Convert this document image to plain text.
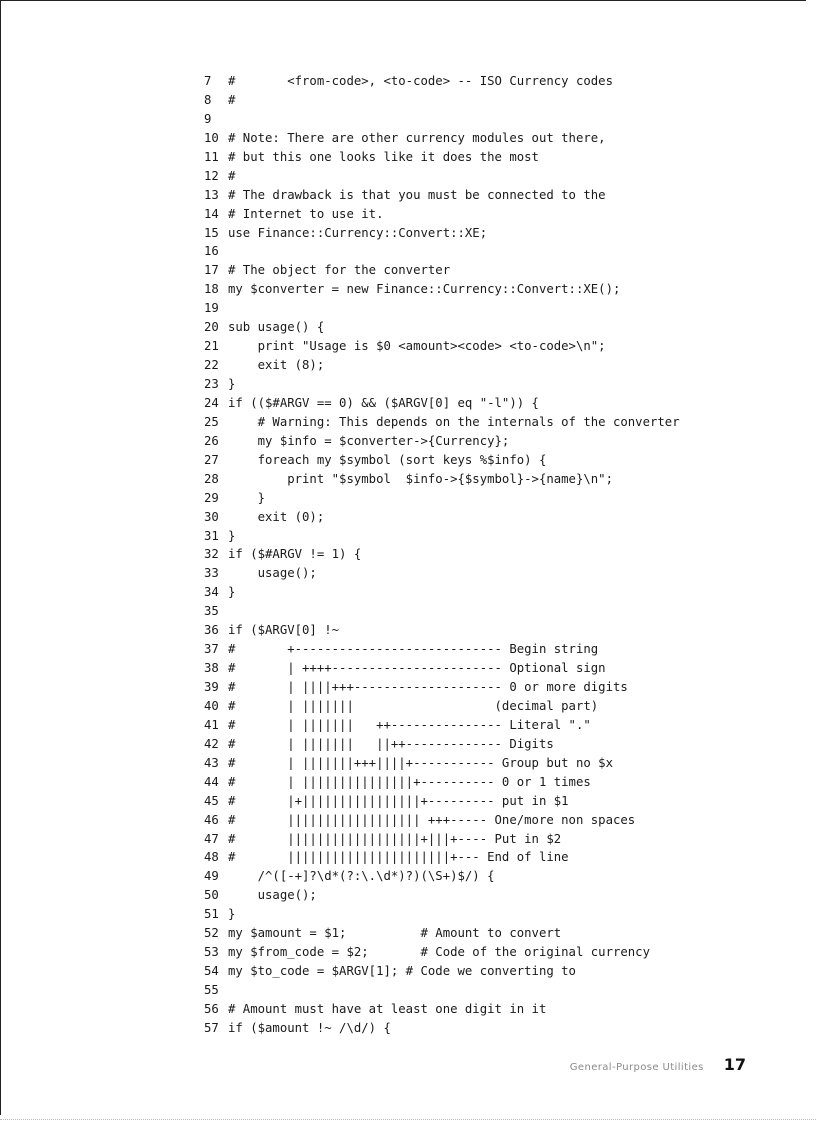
7 #       <from-code>, <to-code> -- ISO Currency codes
8 #
9
10 # Note: There are other currency modules out there,
11 # but this one looks like it does the most
12 #
13 # The drawback is that you must be connected to the
14 # Internet to use it.
15 use Finance::Currency::Convert::XE;
16
17 # The object for the converter
18 my $converter = new Finance::Currency::Convert::XE();
19
20 sub usage() {
21    print "Usage is $0 <amount><code> <to-code>\n";
22    exit (8);
23 }
24 if (($#ARGV == 0) && ($ARGV[0] eq "-l")) {
25    # Warning: This depends on the internals of the converter
26    my $info = $converter->{Currency};
27    foreach my $symbol (sort keys %$info) {
28        print "$symbol  $info->{$symbol}->{name}\n";
29    }
30    exit (0);
31 }
32 if ($#ARGV != 1) {
33    usage();
34 }
35
36 if ($ARGV[0] !~
37 #       +---------------------------- Begin string
38 #       | ++++----------------------- Optional sign
39 #       | ||||+++-------------------- 0 or more digits
40 #       | |||||||                   (decimal part)
41 #       | |||||||   ++--------------- Literal "."
42 #       | |||||||   ||++------------- Digits
43 #       | |||||||+++||||+----------- Group but no $x
44 #       | |||||||||||||||+---------- 0 or 1 times
45 #       |+||||||||||||||||+--------- put in $1
46 #       |||||||||||||||||| +++----- One/more non spaces
47 #       ||||||||||||||||||+|||+---- Put in $2
48 #       ||||||||||||||||||||||+--- End of line
49    /^([-+]?\d*(?:\.\d*)?)(\S+)$/) {
50    usage();
51 }
52 my $amount = $1;          # Amount to convert
53 my $from_code = $2;       # Code of the original currency
54 my $to_code = $ARGV[1]; # Code we converting to
55
56 # Amount must have at least one digit in it
57 if ($amount !~ /\d/) {
General-Purpose Utilities 17
